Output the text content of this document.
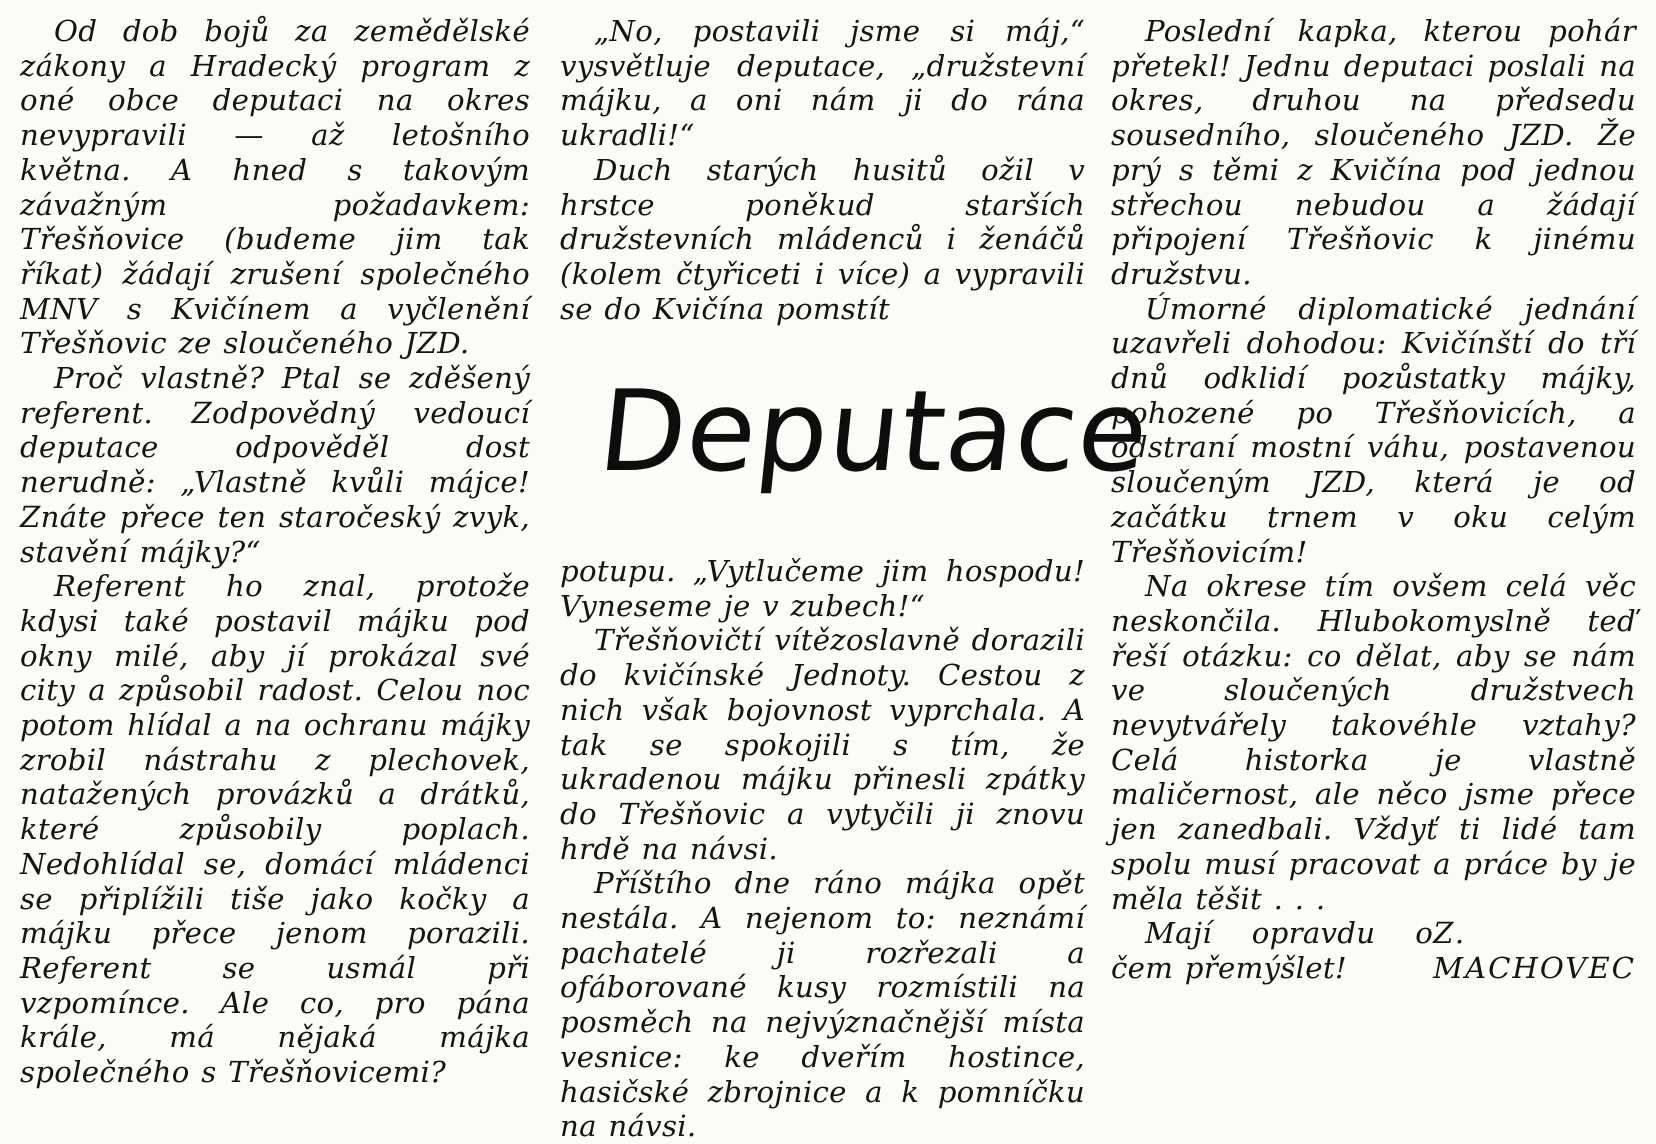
Od dob bojů za zemědělské zákony a Hradecký program z oné obce deputaci na okres nevypravili — až letošního května. A hned s takovým závažným požadavkem: Třešňovice (budeme jim tak říkat) žádají zrušení společného MNV s Kvičínem a vyčlenění Třešňovic ze sloučeného JZD.

Proč vlastně? Ptal se zděšený referent. Zodpovědný vedoucí deputace odpověděl dost nerudně: „Vlastně kvůli májce! Znáte přece ten staročeský zvyk, stavění májky?“

Referent ho znal, protože kdysi také postavil májku pod okny milé, aby jí prokázal své city a způsobil radost. Celou noc potom hlídal a na ochranu májky zrobil nástrahu z plechovek, natažených provázků a drátků, které způsobily poplach. Nedohlídal se, domácí mládenci se připlížili tiše jako kočky a májku přece jenom porazili. Referent se usmál při vzpomínce. Ale co, pro pána krále, má nějaká májka společného s Třešňovicemi?

„No, postavili jsme si máj,“ vysvětluje deputace, „družstevní májku, a oni nám ji do rána ukradli!“

Duch starých husitů ožil v hrstce poněkud starších družstevních mládenců i ženáčů (kolem čtyřiceti i více) a vypravili se do Kvičína pomstít

Deputace

potupu. „Vytlučeme jim hospodu! Vyneseme je v zubech!“

Třešňovičtí vítězoslavně dorazili do kvičínské Jednoty. Cestou z nich však bojovnost vyprchala. A tak se spokojili s tím, že ukradenou májku přinesli zpátky do Třešňovic a vytyčili ji znovu hrdě na návsi.

Příštího dne ráno májka opět nestála. A nejenom to: neznámí pachatelé ji rozřezali a ofáborované kusy rozmístili na posměch na nejvýznačnější místa vesnice: ke dveřím hostince, hasičské zbrojnice a k pomníčku na návsi.

Poslední kapka, kterou pohár přetekl! Jednu deputaci poslali na okres, druhou na předsedu sousedního, sloučeného JZD. Že prý s těmi z Kvičína pod jednou střechou nebudou a žádají připojení Třešňovic k jinému družstvu.

Úmorné diplomatické jednání uzavřeli dohodou: Kvičínští do tří dnů odklidí pozůstatky májky, pohozené po Třešňovicích, a odstraní mostní váhu, postavenou sloučeným JZD, která je od začátku trnem v oku celým Třešňovicím!

Na okrese tím ovšem celá věc neskončila. Hlubokomyslně teď řeší otázku: co dělat, aby se nám ve sloučených družstvech nevytvářely takovéhle vztahy? Celá historka je vlastně maličernost, ale něco jsme přece jen zanedbali. Vždyť ti lidé tam spolu musí pracovat a práce by je měla těšit . . .

Mají opravdu o čem přemýšlet!
Z. MACHOVEC
